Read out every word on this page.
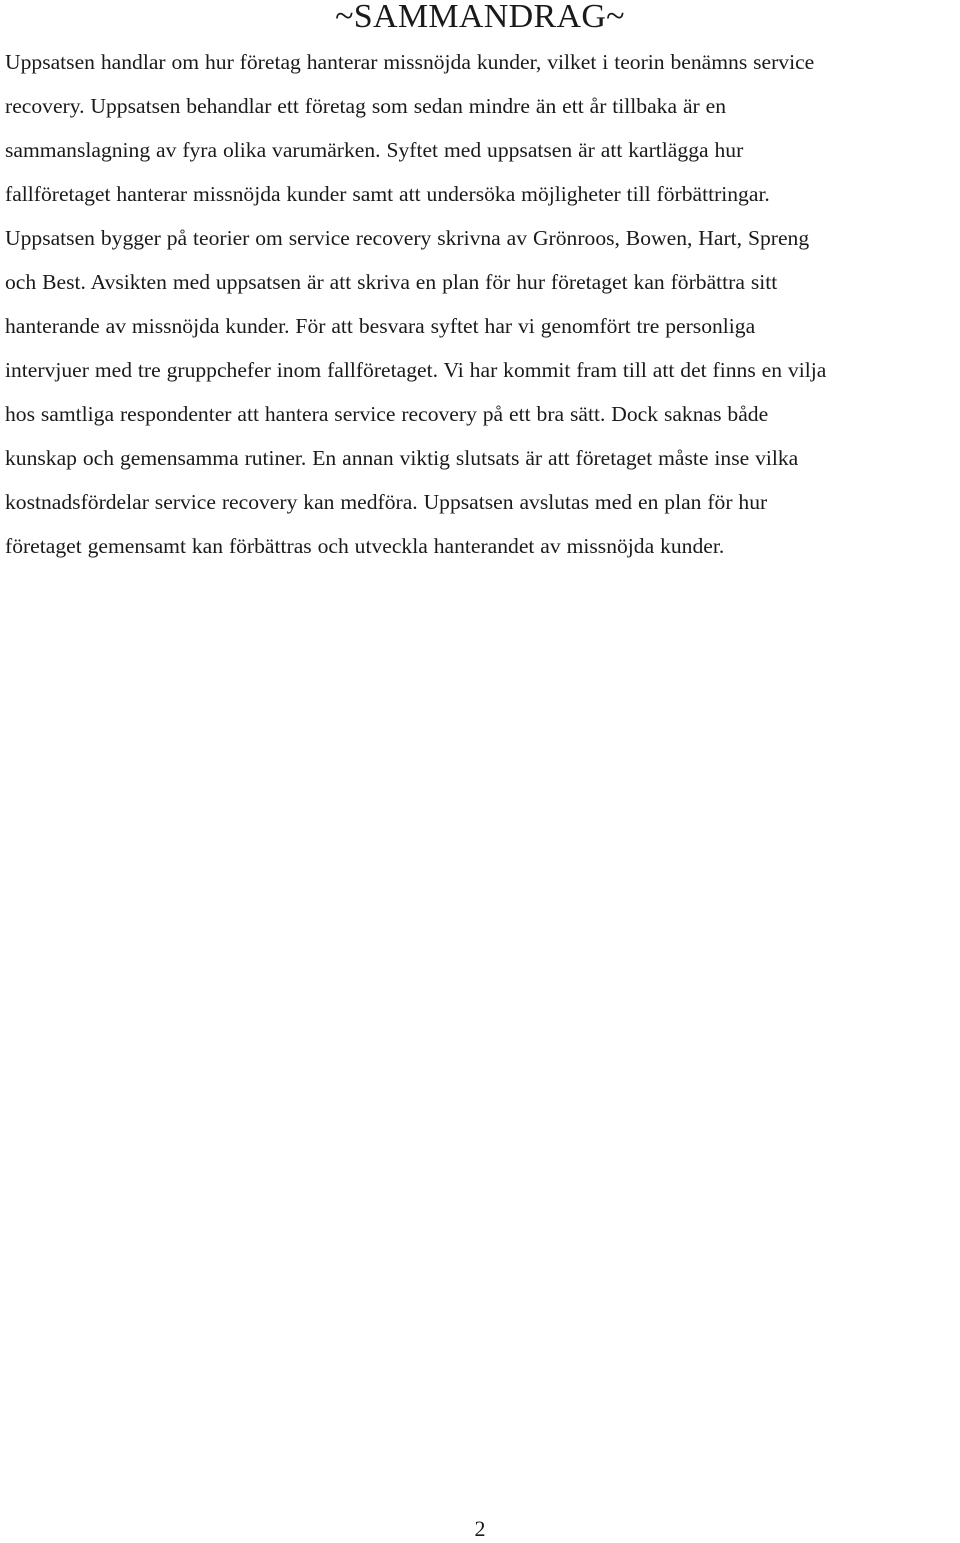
~SAMMANDRAG~

Uppsatsen handlar om hur företag hanterar missnöjda kunder, vilket i teorin benämns service
recovery. Uppsatsen behandlar ett företag som sedan mindre än ett år tillbaka är en
sammanslagning av fyra olika varumärken. Syftet med uppsatsen är att kartlägga hur
fallföretaget hanterar missnöjda kunder samt att undersöka möjligheter till förbättringar.
Uppsatsen bygger på teorier om service recovery skrivna av Grönroos, Bowen, Hart, Spreng
och Best. Avsikten med uppsatsen är att skriva en plan för hur företaget kan förbättra sitt
hanterande av missnöjda kunder. För att besvara syftet har vi genomfört tre personliga
intervjuer med tre gruppchefer inom fallföretaget. Vi har kommit fram till att det finns en vilja
hos samtliga respondenter att hantera service recovery på ett bra sätt. Dock saknas både
kunskap och gemensamma rutiner. En annan viktig slutsats är att företaget måste inse vilka
kostnadsfördelar service recovery kan medföra. Uppsatsen avslutas med en plan för hur
företaget gemensamt kan förbättras och utveckla hanterandet av missnöjda kunder.

2
